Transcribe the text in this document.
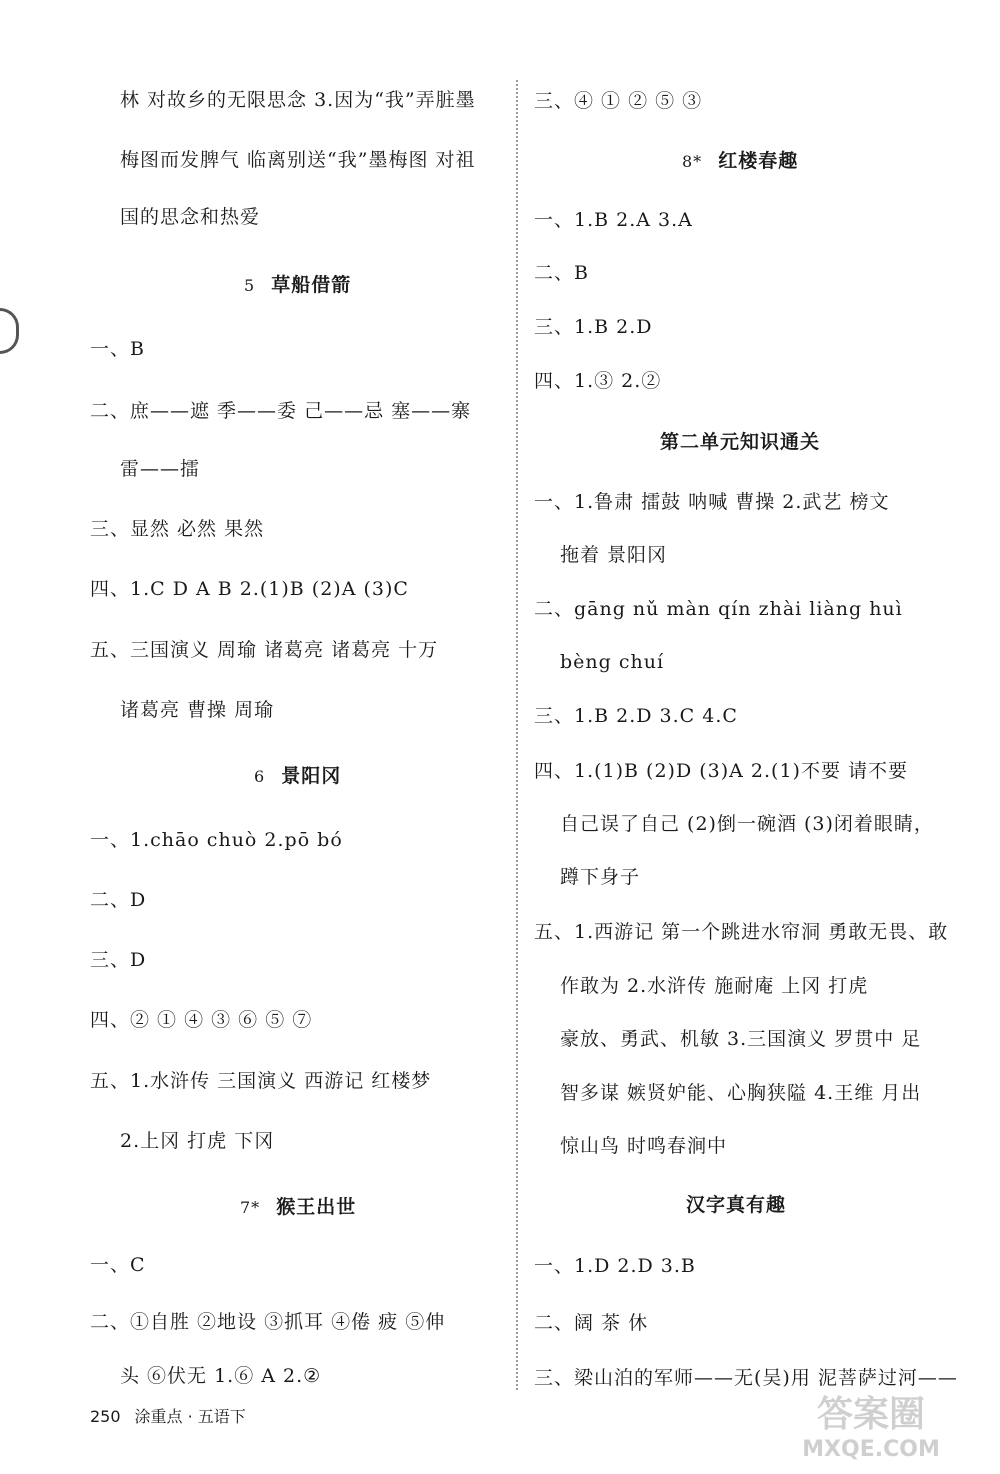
林 对故乡的无限思念 3.因为“我”弄脏墨
梅图而发脾气 临离别送“我”墨梅图 对祖
国的思念和热爱
5 草船借箭
一、B
二、庶——遮 季——委 己——忌 塞——寨
雷——擂
三、显然 必然 果然
四、1.C D A B 2.(1)B (2)A (3)C
五、三国演义 周瑜 诸葛亮 诸葛亮 十万
诸葛亮 曹操 周瑜
6 景阳冈
一、1.chāo chuò 2.pō bó
二、D
三、D
四、② ① ④ ③ ⑥ ⑤ ⑦
五、1.水浒传 三国演义 西游记 红楼梦
2.上冈 打虎 下冈
7* 猴王出世
一、C
二、①自胜 ②地设 ③抓耳 ④倦 疲 ⑤伸
头 ⑥伏无 1.⑥ A 2.②
三、④ ① ② ⑤ ③
8* 红楼春趣
一、1.B 2.A 3.A
二、B
三、1.B 2.D
四、1.③ 2.②
第二单元知识通关
一、1.鲁肃 擂鼓 呐喊 曹操 2.武艺 榜文
拖着 景阳冈
二、gāng nǔ màn qín zhài liàng huì
bèng chuí
三、1.B 2.D 3.C 4.C
四、1.(1)B (2)D (3)A 2.(1)不要 请不要
自己误了自己 (2)倒一碗酒 (3)闭着眼睛，
蹲下身子
五、1.西游记 第一个跳进水帘洞 勇敢无畏、敢
作敢为 2.水浒传 施耐庵 上冈 打虎
豪放、勇武、机敏 3.三国演义 罗贯中 足
智多谋 嫉贤妒能、心胸狭隘 4.王维 月出
惊山鸟 时鸣春涧中
汉字真有趣
一、1.D 2.D 3.B
二、阔 茶 休
三、梁山泊的军师——无(吴)用 泥菩萨过河——
250 涂重点 · 五语下	答案圈
MXQE.COM
